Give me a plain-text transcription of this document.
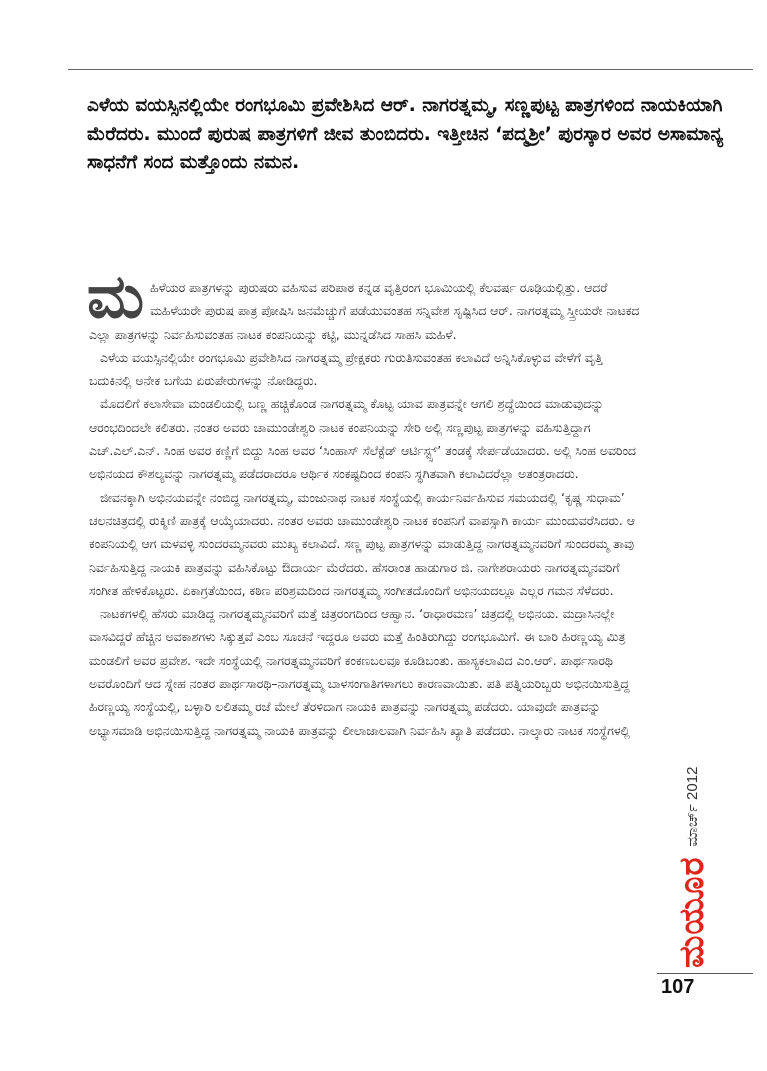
ಎಳೆಯ ವಯಸ್ಸಿನಲ್ಲಿಯೇ ರಂಗಭೂಮಿ ಪ್ರವೇಶಿಸಿದ ಆರ್. ನಾಗರತ್ನಮ್ಮ, ಸಣ್ಣಪುಟ್ಟ ಪಾತ್ರಗಳಿಂದ ನಾಯಕಿಯಾಗಿ ಮೆರೆದರು. ಮುಂದೆ ಪುರುಷ ಪಾತ್ರಗಳಿಗೆ ಜೀವ ತುಂಬಿದರು. ಇತ್ತೀಚಿನ ‘ಪದ್ಮಶ್ರೀ’ ಪುರಸ್ಕಾರ ಅವರ ಅಸಾಮಾನ್ಯ ಸಾಧನೆಗೆ ಸಂದ ಮತ್ತೊಂದು ನಮನ.

ಮಹಿಳೆಯರ ಪಾತ್ರಗಳನ್ನು ಪುರುಷರು ವಹಿಸುವ ಪರಿಪಾಠ ಕನ್ನಡ ವೃತ್ತಿರಂಗ ಭೂಮಿಯಲ್ಲಿ ಕೆಲವರ್ಷ ರೂಢಿಯಲ್ಲಿತ್ತು. ಆದರೆ ಮಹಿಳೆಯರೇ ಪುರುಷ ಪಾತ್ರ ಪೋಷಿಸಿ ಜನಮೆಚ್ಚುಗೆ ಪಡೆಯುವಂತಹ ಸನ್ನಿವೇಶ ಸೃಷ್ಟಿಸಿದ ಆರ್. ನಾಗರತ್ನಮ್ಮ ಸ್ತ್ರೀಯರೇ ನಾಟಕದ ಎಲ್ಲಾ ಪಾತ್ರಗಳನ್ನು ನಿರ್ವಹಿಸುವಂತಹ ನಾಟಕ ಕಂಪನಿಯನ್ನು ಕಟ್ಟಿ, ಮುನ್ನಡೆಸಿದ ಸಾಹಸಿ ಮಹಿಳೆ.

ಎಳೆಯ ವಯಸ್ಸಿನಲ್ಲಿಯೇ ರಂಗಭೂಮಿ ಪ್ರವೇಶಿಸಿದ ನಾಗರತ್ನಮ್ಮ ಪ್ರೇಕ್ಷಕರು ಗುರುತಿಸುವಂತಹ ಕಲಾವಿದೆ ಅನ್ನಿಸಿಕೊಳ್ಳುವ ವೇಳೆಗೆ ವೃತ್ತಿ ಬದುಕಿನಲ್ಲಿ ಅನೇಕ ಬಗೆಯ ಏರುಪೇರುಗಳನ್ನು ನೋಡಿದ್ದರು.

ಮೊದಲಿಗೆ ಕಲಾಸೇವಾ ಮಂಡಲಿಯಲ್ಲಿ ಬಣ್ಣ ಹಚ್ಚಿಕೊಂಡ ನಾಗರತ್ನಮ್ಮ ಕೊಟ್ಟ ಯಾವ ಪಾತ್ರವನ್ನೇ ಆಗಲಿ ಶ್ರದ್ಧೆಯಿಂದ ಮಾಡುವುದನ್ನು ಆರಂಭದಿಂದಲೇ ಕಲಿತರು. ನಂತರ ಅವರು ಚಾಮುಂಡೇಶ್ವರಿ ನಾಟಕ ಕಂಪನಿಯನ್ನು ಸೇರಿ ಅಲ್ಲಿ ಸಣ್ಣಪುಟ್ಟ ಪಾತ್ರಗಳನ್ನು ವಹಿಸುತ್ತಿದ್ದಾಗ ಎಚ್.ಎಲ್.ಎನ್. ಸಿಂಹ ಅವರ ಕಣ್ಣಿಗೆ ಬಿದ್ದು ಸಿಂಹ ಅವರ ‘ಸಿಂಹಾಸ್ ಸೆಲೆಕ್ಟೆಡ್ ಆರ್ಟಿಸ್ಟ್ಸ್’ ತಂಡಕ್ಕೆ ಸೇರ್ಪಡೆಯಾದರು. ಅಲ್ಲಿ ಸಿಂಹ ಅವರಿಂದ ಅಭಿನಯದ ಕೌಶಲ್ಯವನ್ನು ನಾಗರತ್ನಮ್ಮ ಪಡೆದರಾದರೂ ಆರ್ಥಿಕ ಸಂಕಷ್ಟದಿಂದ ಕಂಪನಿ ಸ್ಥಗಿತವಾಗಿ ಕಲಾವಿದರೆಲ್ಲಾ ಅತಂತ್ರರಾದರು.

ಜೀವನಕ್ಕಾಗಿ ಅಭಿನಯವನ್ನೇ ನಂಬಿದ್ದ ನಾಗರತ್ನಮ್ಮ, ಮಂಜುನಾಥ ನಾಟಕ ಸಂಸ್ಥೆಯಲ್ಲಿ ಕಾರ್ಯನಿರ್ವಹಿಸುವ ಸಮಯದಲ್ಲಿ ‘ಕೃಷ್ಣ ಸುಧಾಮ’ ಚಲನಚಿತ್ರದಲ್ಲಿ ರುಕ್ಮಿಣಿ ಪಾತ್ರಕ್ಕೆ ಆಯ್ಕೆಯಾದರು. ನಂತರ ಅವರು ಚಾಮುಂಡೇಶ್ವರಿ ನಾಟಕ ಕಂಪನಿಗೆ ವಾಪಸ್ಸಾಗಿ ಕಾರ್ಯ ಮುಂದುವರೆಸಿದರು. ಆ ಕಂಪನಿಯಲ್ಲಿ ಆಗ ಮಳವಳ್ಳಿ ಸುಂದರಮ್ಮನವರು ಮುಖ್ಯ ಕಲಾವಿದೆ. ಸಣ್ಣ ಪುಟ್ಟ ಪಾತ್ರಗಳನ್ನು ಮಾಡುತ್ತಿದ್ದ ನಾಗರತ್ನಮ್ಮನವರಿಗೆ ಸುಂದರಮ್ಮ ತಾವು ನಿರ್ವಹಿಸುತ್ತಿದ್ದ ನಾಯಕಿ ಪಾತ್ರವನ್ನು ವಹಿಸಿಕೊಟ್ಟು ಔದಾರ್ಯ ಮೆರೆದರು. ಹೆಸರಾಂತ ಹಾಡುಗಾರ ಜಿ. ನಾಗೇಶರಾಯರು ನಾಗರತ್ನಮ್ಮನವರಿಗೆ ಸಂಗೀತ ಹೇಳಿಕೊಟ್ಟರು. ಏಕಾಗ್ರತೆಯಿಂದ, ಕಠಿಣ ಪರಿಶ್ರಮದಿಂದ ನಾಗರತ್ನಮ್ಮ ಸಂಗೀತದೊಂದಿಗೆ ಅಭಿನಯದಲ್ಲೂ ಎಲ್ಲರ ಗಮನ ಸೆಳೆದರು.

ನಾಟಕಗಳಲ್ಲಿ ಹೆಸರು ಮಾಡಿದ್ದ ನಾಗರತ್ನಮ್ಮನವರಿಗೆ ಮತ್ತೆ ಚಿತ್ರರಂಗದಿಂದ ಆಹ್ವಾನ. ‘ರಾಧಾರಮಣ’ ಚಿತ್ರದಲ್ಲಿ ಅಭಿನಯ. ಮದ್ರಾಸಿನಲ್ಲೇ ವಾಸವಿದ್ದರೆ ಹೆಚ್ಚಿನ ಅವಕಾಶಗಳು ಸಿಕ್ಕುತ್ತವೆ ಎಂಬ ಸೂಚನೆ ಇದ್ದರೂ ಅವರು ಮತ್ತೆ ಹಿಂತಿರುಗಿದ್ದು ರಂಗಭೂಮಿಗೆ. ಈ ಬಾರಿ ಹಿರಣ್ಣಯ್ಯ ಮಿತ್ರ ಮಂಡಲಿಗೆ ಅವರ ಪ್ರವೇಶ. ಇದೇ ಸಂಸ್ಥೆಯಲ್ಲಿ ನಾಗರತ್ನಮ್ಮನವರಿಗೆ ಕಂಕಣಬಲವೂ ಕೂಡಿಬಂತು. ಹಾಸ್ಯಕಲಾವಿದ ಎಂ.ಆರ್. ಪಾರ್ಥಸಾರಥಿ ಅವರೊಂದಿಗೆ ಆದ ಸ್ನೇಹ ನಂತರ ಪಾರ್ಥಸಾರಥಿ–ನಾಗರತ್ನಮ್ಮ ಬಾಳಸಂಗಾತಿಗಳಾಗಲು ಕಾರಣವಾಯಿತು. ಪತಿ ಪತ್ನಿಯರಿಬ್ಬರು ಅಭಿನಯಿಸುತ್ತಿದ್ದ ಹಿರಣ್ಣಯ್ಯ ಸಂಸ್ಥೆಯಲ್ಲಿ, ಬಳ್ಳಾರಿ ಲಲಿತಮ್ಮ ರಜೆ ಮೇಲೆ ತೆರಳಿದಾಗ ನಾಯಕಿ ಪಾತ್ರವನ್ನು ನಾಗರತ್ನಮ್ಮ ಪಡೆದರು. ಯಾವುದೇ ಪಾತ್ರವನ್ನು ಅಭ್ಯಾಸಮಾಡಿ ಅಭಿನಯಿಸುತ್ತಿದ್ದ ನಾಗರತ್ನಮ್ಮ ನಾಯಕಿ ಪಾತ್ರವನ್ನು ಲೀಲಾಜಾಲವಾಗಿ ನಿರ್ವಹಿಸಿ ಖ್ಯಾತಿ ಪಡೆದರು. ನಾಲ್ಕಾರು ನಾಟಕ ಸಂಸ್ಥೆಗಳಲ್ಲಿ

ಮಯೂರ
ಮಾರ್ಚ್ 2012
107
